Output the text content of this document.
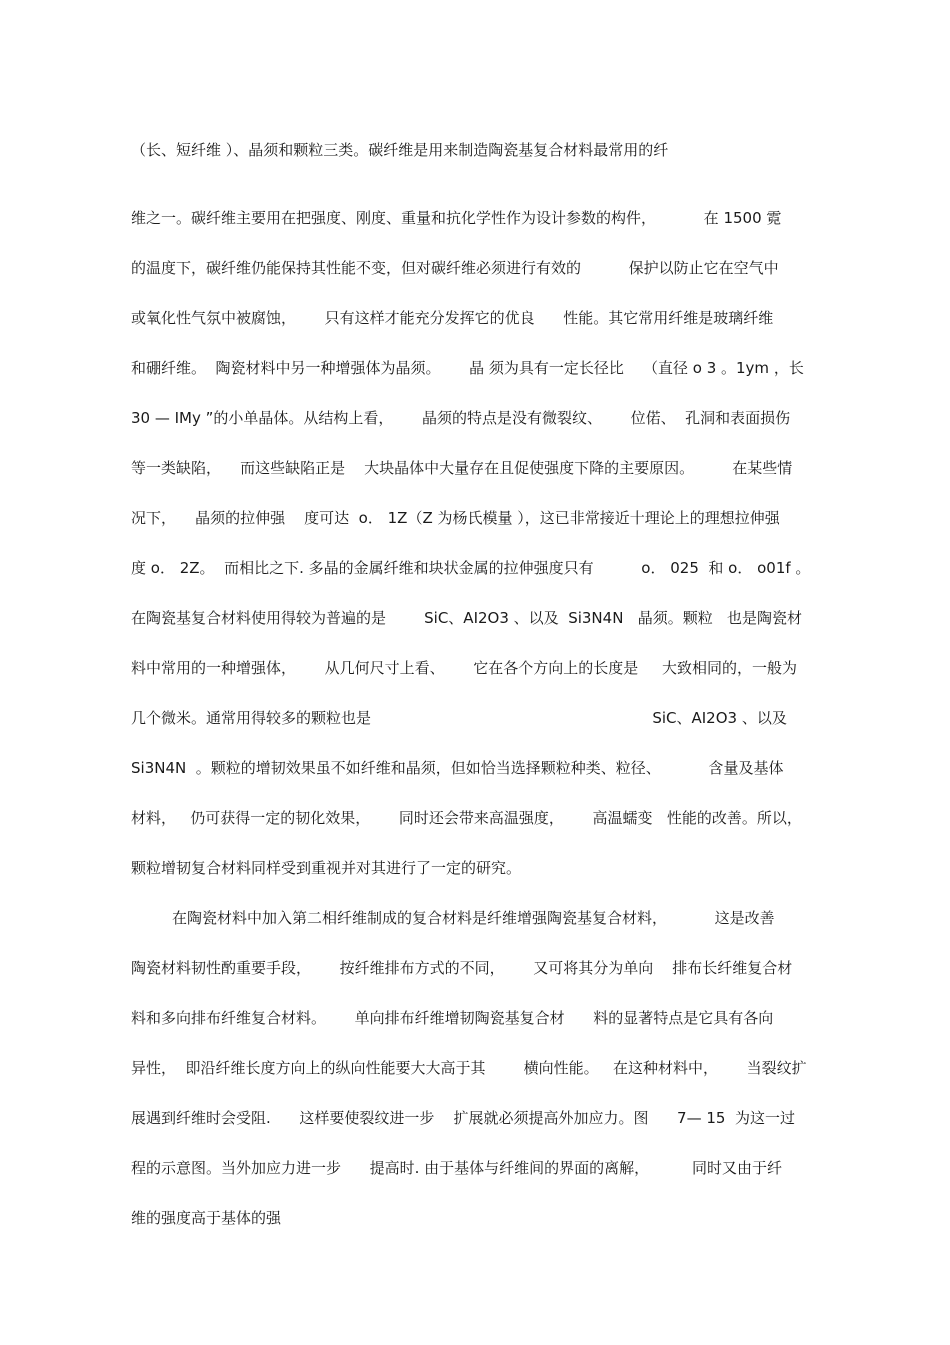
（长、短纤维 ）、晶须和颗粒三类。碳纤维是用来制造陶瓷基复合材料最常用的纤
维之一。碳纤维主要用在把强度、刚度、重量和抗化学性作为设计参数的构件，          在 1500 霓
的温度下，碳纤维仍能保持其性能不变，但对碳纤维必须进行有效的          保护以防止它在空气中
或氧化性气氛中被腐蚀，      只有这样才能充分发挥它的优良      性能。其它常用纤维是玻璃纤维
和硼纤维。  陶瓷材料中另一种增强体为晶须。      晶 须为具有一定长径比    （直径 o 3 。1ym ，长
30 — IMy ”的小单晶体。从结构上看，      晶须的特点是没有微裂纹、      位偌、  孔洞和表面损伤
等一类缺陷，    而这些缺陷正是    大块晶体中大量存在且促使强度下降的主要原因。        在某些情
况下，    晶须的拉伸强    度可达  o． 1Z（Z 为杨氏模量 ），这已非常接近十理论上的理想拉伸强
度 o． 2Z。  而相比之下. 多晶的金属纤维和块状金属的拉伸强度只有          o． 025  和 o． o01f 。
在陶瓷基复合材料使用得较为普遍的是        SiC、AI2O3 、以及  Si3N4N   晶须。颗粒   也是陶瓷材
料中常用的一种增强体，      从几何尺寸上看、      它在各个方向上的长度是     大致相同的，一般为
几个微米。通常用得较多的颗粒也是                                                           SiC、AI2O3 、以及
Si3N4N  。颗粒的增韧效果虽不如纤维和晶须，但如恰当选择颗粒种类、粒径、          含量及基体
材料，   仍可获得一定的韧化效果，      同时还会带来高温强度，      高温蠕变   性能的改善。所以，
颗粒增韧复合材料同样受到重视并对其进行了一定的研究。
在陶瓷材料中加入第二相纤维制成的复合材料是纤维增强陶瓷基复合材料，          这是改善
陶瓷材料韧性酌重要手段，      按纤维排布方式的不同，      又可将其分为单向    排布长纤维复合材
料和多向排布纤维复合材料。      单向排布纤维增韧陶瓷基复合材      料的显著特点是它具有各向
异性，  即沿纤维长度方向上的纵向性能要大大高于其        横向性能。   在这种材料中，      当裂纹扩
展遇到纤维时会受阻.      这样要使裂纹进一步    扩展就必须提高外加应力。图      7— 15  为这一过
程的示意图。当外加应力进一步      提高时. 由于基体与纤维间的界面的离解，         同时又由于纤
维的强度高于基体的强
